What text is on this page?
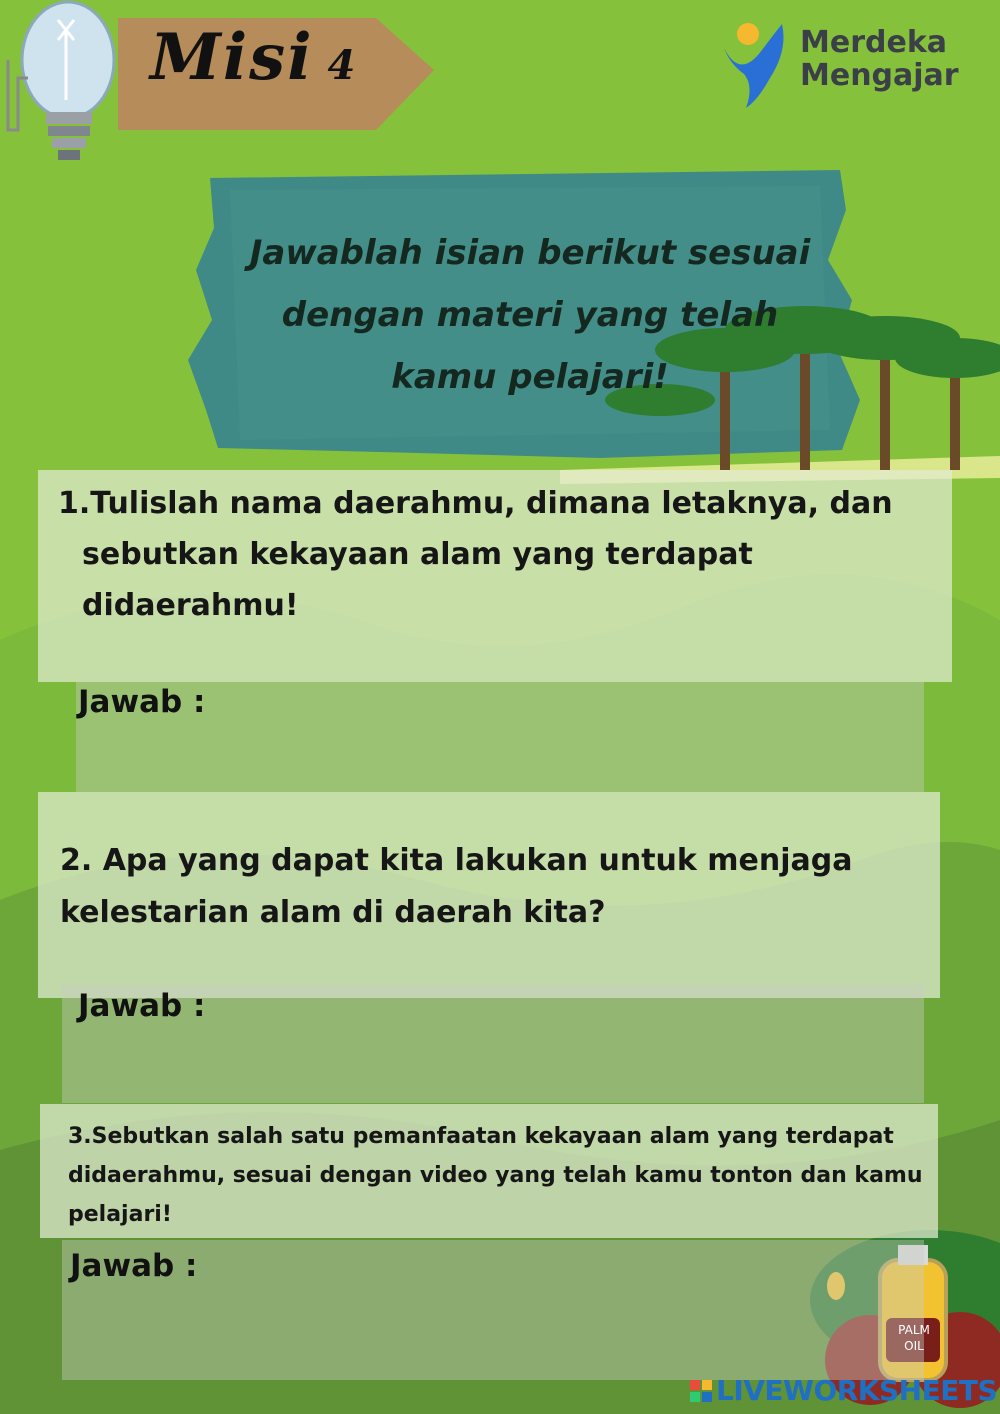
Misi 4	Merdeka
Mengajar
Jawablah isian berikut sesuai
dengan materi yang telah
kamu pelajari!
1.Tulislah nama daerahmu, dimana letaknya, dan
sebutkan kekayaan alam yang terdapat
didaerahmu!
Jawab :
2. Apa yang dapat kita lakukan untuk menjaga
kelestarian alam di daerah kita?
Jawab :
3.Sebutkan salah satu pemanfaatan kekayaan alam yang terdapat
didaerahmu, sesuai dengan video yang telah kamu tonton dan kamu
pelajari!
Jawab :
PALM
OIL
LIVEWORKSHEETS
